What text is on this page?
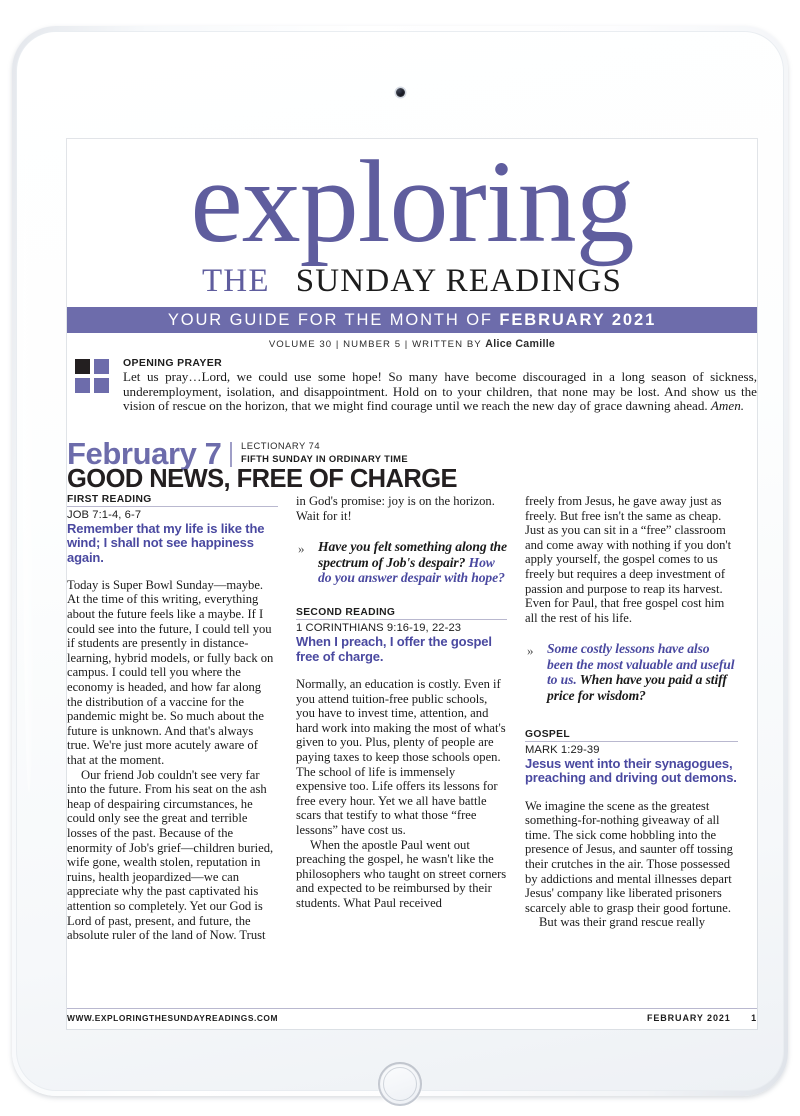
exploring
THE SUNDAY READINGS
YOUR GUIDE FOR THE MONTH OF FEBRUARY 2021
VOLUME 30 | NUMBER 5 | WRITTEN BY Alice Camille
OPENING PRAYER
Let us pray…Lord, we could use some hope! So many have become discouraged in a long season of sickness, underemployment, isolation, and disappointment. Hold on to your children, that none may be lost. And show us the vision of rescue on the horizon, that we might find courage until we reach the new day of grace dawning ahead. Amen.
February 7 LECTIONARY 74
FIFTH SUNDAY IN ORDINARY TIME
GOOD NEWS, FREE OF CHARGE
FIRST READING
JOB 7:1-4, 6-7
Remember that my life is like the wind; I shall not see happiness again.

Today is Super Bowl Sunday—maybe. At the time of this writing, everything about the future feels like a maybe. If I could see into the future, I could tell you if students are presently in distance-learning, hybrid models, or fully back on campus. I could tell you where the economy is headed, and how far along the distribution of a vaccine for the pandemic might be. So much about the future is unknown. And that's always true. We're just more acutely aware of that at the moment.

Our friend Job couldn't see very far into the future. From his seat on the ash heap of despairing circumstances, he could only see the great and terrible losses of the past. Because of the enormity of Job's grief—children buried, wife gone, wealth stolen, reputation in ruins, health jeopardized—we can appreciate why the past captivated his attention so completely. Yet our God is Lord of past, present, and future, the absolute ruler of the land of Now. Trust

in God's promise: joy is on the horizon. Wait for it!

» Have you felt something along the spectrum of Job's despair? How do you answer despair with hope?
SECOND READING
1 CORINTHIANS 9:16-19, 22-23
When I preach, I offer the gospel free of charge.

Normally, an education is costly. Even if you attend tuition-free public schools, you have to invest time, attention, and hard work into making the most of what's given to you. Plus, plenty of people are paying taxes to keep those schools open. The school of life is immensely expensive too. Life offers its lessons for free every hour. Yet we all have battle scars that testify to what those “free lessons” have cost us.

When the apostle Paul went out preaching the gospel, he wasn't like the philosophers who taught on street corners and expected to be reimbursed by their students. What Paul received

freely from Jesus, he gave away just as freely. But free isn't the same as cheap. Just as you can sit in a “free” classroom and come away with nothing if you don't apply yourself, the gospel comes to us freely but requires a deep investment of passion and purpose to reap its harvest. Even for Paul, that free gospel cost him all the rest of his life.

» Some costly lessons have also been the most valuable and useful to us. When have you paid a stiff price for wisdom?
GOSPEL
MARK 1:29-39
Jesus went into their synagogues, preaching and driving out demons.

We imagine the scene as the greatest something-for-nothing giveaway of all time. The sick come hobbling into the presence of Jesus, and saunter off tossing their crutches in the air. Those possessed by addictions and mental illnesses depart Jesus' company like liberated prisoners scarcely able to grasp their good fortune.

But was their grand rescue really

WWW.EXPLORINGTHESUNDAYREADINGS.COM	FEBRUARY 2021 1
